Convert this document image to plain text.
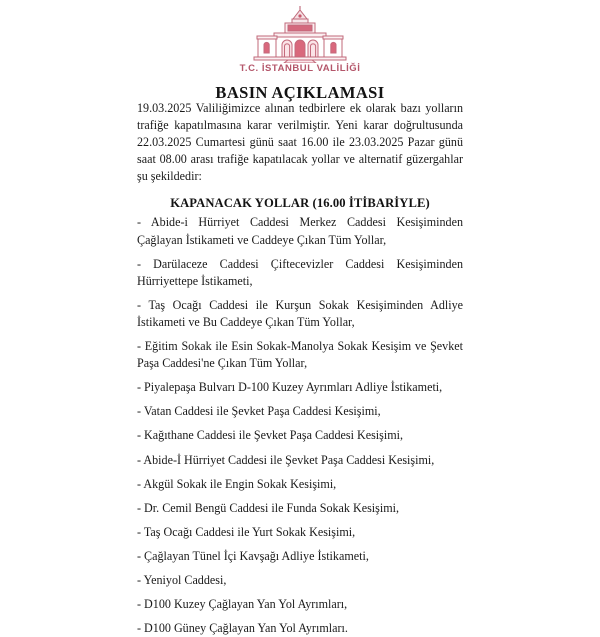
T.C. İSTANBUL VALİLİĞİ
BASIN AÇIKLAMASI

19.03.2025 Valiliğimizce alınan tedbirlere ek olarak bazı yolların trafiğe kapatılmasına karar verilmiştir. Yeni karar doğrultusunda 22.03.2025 Cumartesi günü saat 16.00 ile 23.03.2025 Pazar günü saat 08.00 arası trafiğe kapatılacak yollar ve alternatif güzergahlar şu şekildedir:

KAPANACAK YOLLAR (16.00 İTİBARİYLE)
- Abide-i Hürriyet Caddesi Merkez Caddesi Kesişiminden Çağlayan İstikameti ve Caddeye Çıkan Tüm Yollar,
- Darülaceze Caddesi Çiftecevizler Caddesi Kesişiminden Hürriyettepe İstikameti,
- Taş Ocağı Caddesi ile Kurşun Sokak Kesişiminden Adliye İstikameti ve Bu Caddeye Çıkan Tüm Yollar,
- Eğitim Sokak ile Esin Sokak-Manolya Sokak Kesişim ve Şevket Paşa Caddesi'ne Çıkan Tüm Yollar,
- Piyalepaşa Bulvarı D-100 Kuzey Ayrımları Adliye İstikameti,
- Vatan Caddesi ile Şevket Paşa Caddesi Kesişimi,
- Kağıthane Caddesi ile Şevket Paşa Caddesi Kesişimi,
- Abide-İ Hürriyet Caddesi ile Şevket Paşa Caddesi Kesişimi,
- Akgül Sokak ile Engin Sokak Kesişimi,
- Dr. Cemil Bengü Caddesi ile Funda Sokak Kesişimi,
- Taş Ocağı Caddesi ile Yurt Sokak Kesişimi,
- Çağlayan Tünel İçi Kavşağı Adliye İstikameti,
- Yeniyol Caddesi,
- D100 Kuzey Çağlayan Yan Yol Ayrımları,
- D100 Güney Çağlayan Yan Yol Ayrımları.
